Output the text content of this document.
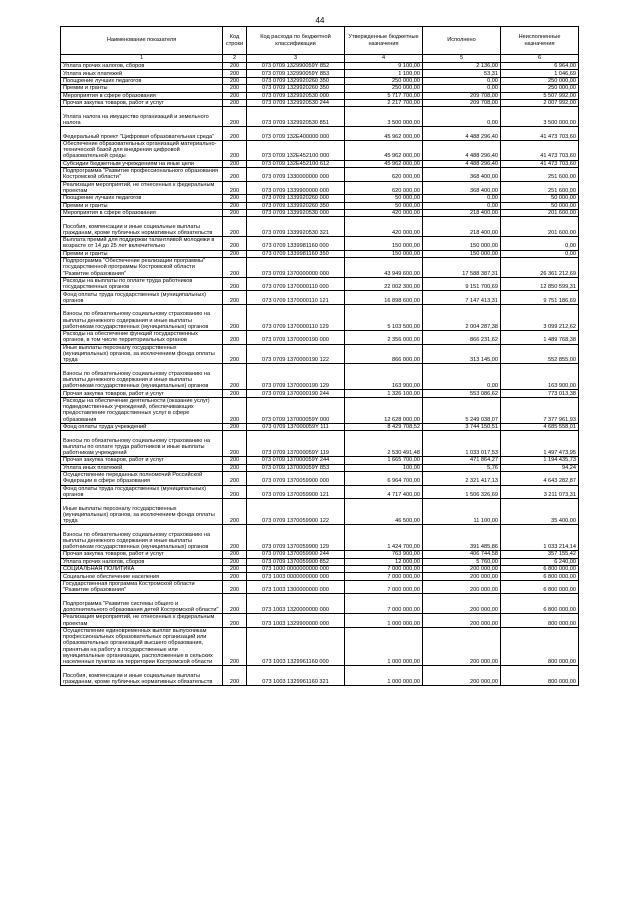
44
Наименование показателя	Код строки	Код расхода по бюджетной классификации	Утвержденные бюджетные назначения	Исполнено	Неисполненные назначения
1	2	3	4	5	6
Уплата прочих налогов, сборов	200	073 0709 132990059Y 852	9 100,00	2 136,00	6 964,00
Уплата иных платежей	200	073 0709 132990059Y 853	1 100,00	53,31	1 046,69
Поощрение лучших педагогов	200	073 0709 1329920260 350	250 000,00	0,00	250 000,00
Премии и гранты	200	073 0709 1329920260 350	250 000,00	0,00	250 000,00
Мероприятия в сфере образования	200	073 0709 1329920530 000	5 717 700,00	209 708,00	5 507 992,00
Прочая закупка товаров, работ и услуг	200	073 0709 1329920530 244	2 217 700,00	209 708,00	2 007 992,00
Уплата налога на имущество организаций и земельного налога	200	073 0709 1329920530 851	3 500 000,00	0,00	3 500 000,00
Федеральный проект "Цифровая образовательная среда"	200	073 0709 132E400000 000	45 962 000,00	4 488 296,40	41 473 703,60
Обеспечение образовательных организаций материально-технической базой для внедрения цифровой образовательной среды	200	073 0709 132E452100 000	45 962 000,00	4 488 296,40	41 473 703,60
Субсидии бюджетным учреждениям на иные цели	200	073 0709 132E452100 612	45 962 000,00	4 488 296,40	41 473 703,60
Подпрограмма "Развитие профессионального образования Костромской области"	200	073 0709 1330000000 000	620 000,00	368 400,00	251 600,00
Реализация мероприятий, не отнесенных к федеральным проектам	200	073 0709 1339900000 000	620 000,00	368 400,00	251 600,00
Поощрение лучших педагогов	200	073 0709 1339920260 000	50 000,00	0,00	50 000,00
Премии и гранты	200	073 0709 1339920260 350	50 000,00	0,00	50 000,00
Мероприятия в сфере образования	200	073 0709 1339920530 000	420 000,00	218 400,00	201 600,00
Пособия, компенсации и иные социальные выплаты гражданам, кроме публичных нормативных обязательств	200	073 0709 1339920530 321	420 000,00	218 400,00	201 600,00
Выплата премий для поддержки талантливой молодежи в возрасте от 14 до 25 лет включительно	200	073 0709 1339981160 000	150 000,00	150 000,00	0,00
Премии и гранты	200	073 0709 1339981160 350	150 000,00	150 000,00	0,00
Подпрограмма "Обеспечение реализации программы" государственной программы Костромской области "Развитие образования"	200	073 0709 1370000000 000	43 949 600,00	17 588 387,31	26 361 212,69
Расходы на выплаты по оплате труда работников государственных органов	200	073 0709 1370000110 000	22 002 300,00	9 151 700,69	12 850 599,31
Фонд оплаты труда государственных (муниципальных) органов	200	073 0709 1370000110 121	16 898 600,00	7 147 413,31	9 751 186,69
Взносы по обязательному социальному страхованию на выплаты денежного содержания и иные выплаты работникам государственных (муниципальных) органов	200	073 0709 1370000110 129	5 103 500,00	2 004 287,38	3 099 212,62
Расходы на обеспечение функций государственных органов, в том числе территориальных органов	200	073 0709 1370000190 000	2 356 000,00	866 231,62	1 489 768,38
Иные выплаты персоналу государственных (муниципальных) органов, за исключением фонда оплаты труда	200	073 0709 1370000190 122	866 000,00	313 145,00	552 855,00
Взносы по обязательному социальному страхованию на выплаты денежного содержания и иные выплаты работникам государственных (муниципальных) органов	200	073 0709 1370000190 129	163 900,00	0,00	163 900,00
Прочая закупка товаров, работ и услуг	200	073 0709 1370000190 244	1 326 100,00	553 086,62	773 013,38
Расходы на обеспечение деятельности (оказание услуг) подведомственных учреждений, обеспечивающих предоставление государственных услуг в сфере образования	200	073 0709 137000059Y 000	12 628 000,00	5 249 038,07	7 377 961,93
Фонд оплаты труда учреждений	200	073 0709 137000059Y 111	8 429 708,52	3 744 150,51	4 685 558,01
Взносы по обязательному социальному страхованию на выплаты по оплате труда работников и иные выплаты работникам учреждений	200	073 0709 137000059Y 119	2 530 491,48	1 033 017,53	1 497 473,95
Прочая закупка товаров, работ и услуг	200	073 0709 137000059Y 244	1 665 700,00	471 864,27	1 194 435,73
Уплата иных платежей	200	073 0709 137000059Y 853	100,00	5,76	94,24
Осуществление переданных полномочий Российской Федерации в сфере образования	200	073 0709 1370059900 000	6 964 700,00	2 321 417,13	4 643 282,87
Фонд оплаты труда государственных (муниципальных) органов	200	073 0709 1370059900 121	4 717 400,00	1 506 326,69	3 211 073,31
Иные выплаты персоналу государственных (муниципальных) органов, за исключением фонда оплаты труда	200	073 0709 1370059900 122	46 500,00	11 100,00	35 400,00
Взносы по обязательному социальному страхованию на выплаты денежного содержания и иные выплаты работникам государственных (муниципальных) органов	200	073 0709 1370059900 129	1 424 700,00	391 485,86	1 033 214,14
Прочая закупка товаров, работ и услуг	200	073 0709 1370059900 244	763 900,00	406 744,58	357 155,42
Уплата прочих налогов, сборов	200	073 0709 1370059900 852	12 000,00	5 760,00	6 240,00
СОЦИАЛЬНАЯ ПОЛИТИКА	200	073 1000 0000000000 000	7 000 000,00	200 000,00	6 800 000,00
Социальное обеспечение населения	200	073 1003 0000000000 000	7 000 000,00	200 000,00	6 800 000,00
Государственная программа Костромской области "Развитие образования"	200	073 1003 1300000000 000	7 000 000,00	200 000,00	6 800 000,00
Подпрограмма "Развитие системы общего и дополнительного образования детей Костромской области"	200	073 1003 1320000000 000	7 000 000,00	200 000,00	6 800 000,00
Реализация мероприятий, не отнесенных к федеральным проектам	200	073 1003 1329900000 000	1 000 000,00	200 000,00	800 000,00
Осуществление единовременных выплат выпускникам профессиональных образовательных организаций или образовательных организаций высшего образования, принятым на работу в государственные или муниципальные организации, расположенные в сельских населенных пунктах на территории Костромской области	200	073 1003 1329961160 000	1 000 000,00	200 000,00	800 000,00
Пособия, компенсации и иные социальные выплаты гражданам, кроме публичных нормативных обязательств	200	073 1003 1329961160 321	1 000 000,00	200 000,00	800 000,00
